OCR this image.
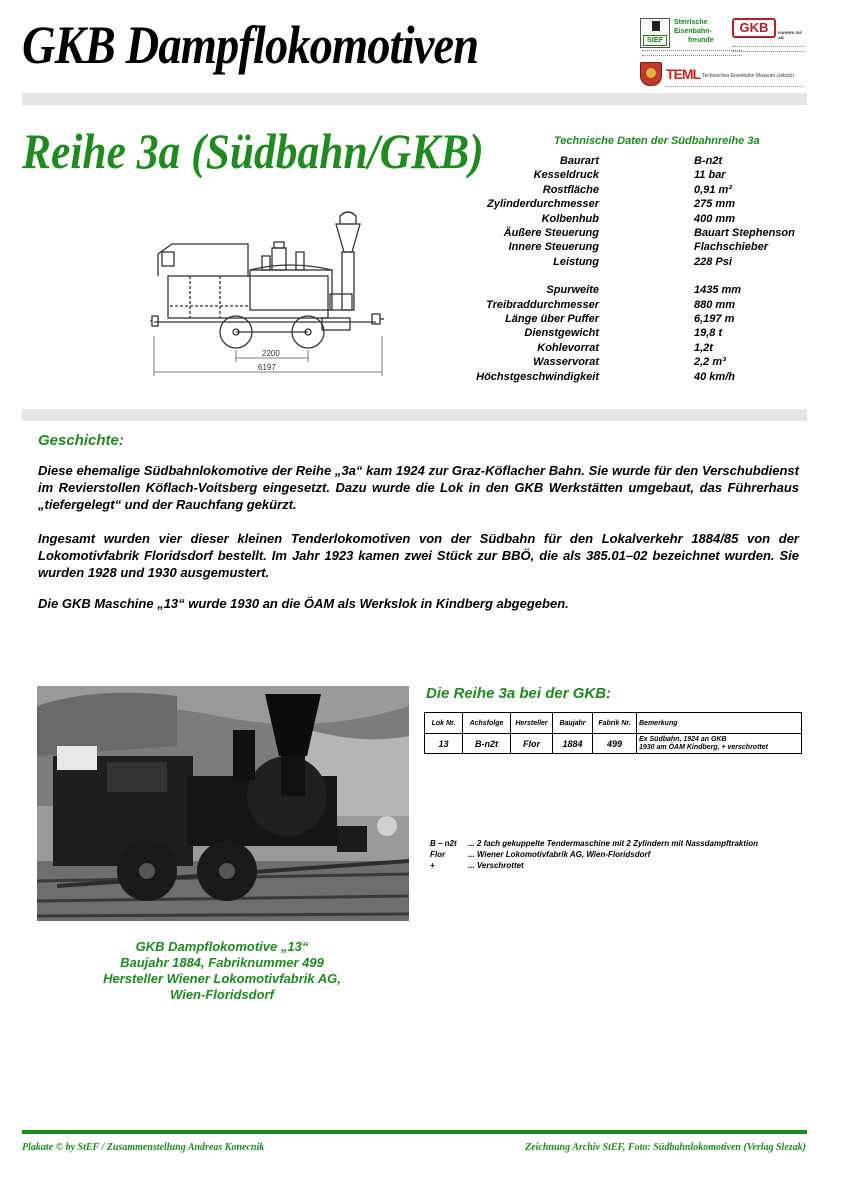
GKB Dampflokomotiven	StEF
Steirische
Eisenbahn-
freunde
GKB	FAHREN SIE AB
TEML Technisches Eisenbahn Museum Lieboch
Reihe 3a (Südbahn/GKB)
2200
6197
Technische Daten der Südbahnreihe 3a
Baurart	B-n2t
Kesseldruck	11 bar
Rostfläche	0,91 m²
Zylinderdurchmesser	275 mm
Kolbenhub	400 mm
Äußere Steuerung	Bauart Stephenson
Innere Steuerung	Flachschieber
Leistung	228 Psi
Spurweite	1435 mm
Treibraddurchmesser	880 mm
Länge über Puffer	6,197 m
Dienstgewicht	19,8 t
Kohlevorrat	1,2t
Wasservorat	2,2 m³
Höchstgeschwindigkeit	40 km/h
Geschichte:
Diese ehemalige Südbahnlokomotive der Reihe „3a“ kam 1924 zur Graz-Köflacher Bahn. Sie wurde für den Verschubdienst im Revierstollen Köflach-Voitsberg eingesetzt. Dazu wurde die Lok in den GKB Werkstätten umgebaut, das Führerhaus „tiefergelegt“ und der Rauchfang gekürzt.
Ingesamt wurden vier dieser kleinen Tenderlokomotiven von der Südbahn für den Lokalverkehr 1884/85 von der Lokomotivfabrik Floridsdorf bestellt. Im Jahr 1923 kamen zwei Stück zur BBÖ, die als 385.01–02 bezeichnet wurden. Sie wurden 1928 und 1930 ausgemustert.
Die GKB Maschine „13“ wurde 1930 an die ÖAM als Werkslok in Kindberg abgegeben.
GKB Dampflokomotive „13“
Baujahr 1884, Fabriknummer 499
Hersteller Wiener Lokomotivfabrik AG,
Wien-Floridsdorf
Die Reihe 3a bei der GKB:
Lok Nr.	Achsfolge	Hersteller	Baujahr	Fabrik Nr.	Bemerkung
13	B-n2t	Flor	1884	499	Ex Südbahn, 1924 an GKB
1930 am ÖAM Kindberg, + verschrottet
B – n2t ... 2 fach gekuppelte Tendermaschine mit 2 Zylindern mit Nassdampftraktion
Flor	... Wiener Lokomotivfabrik AG, Wien-Floridsdorf
+	... Verschrottet
Plakate © by StEF / Zusammenstellung Andreas Konecnik	Zeichnung Archiv StEF, Foto: Südbahnlokomotiven (Verlag Slezak)
